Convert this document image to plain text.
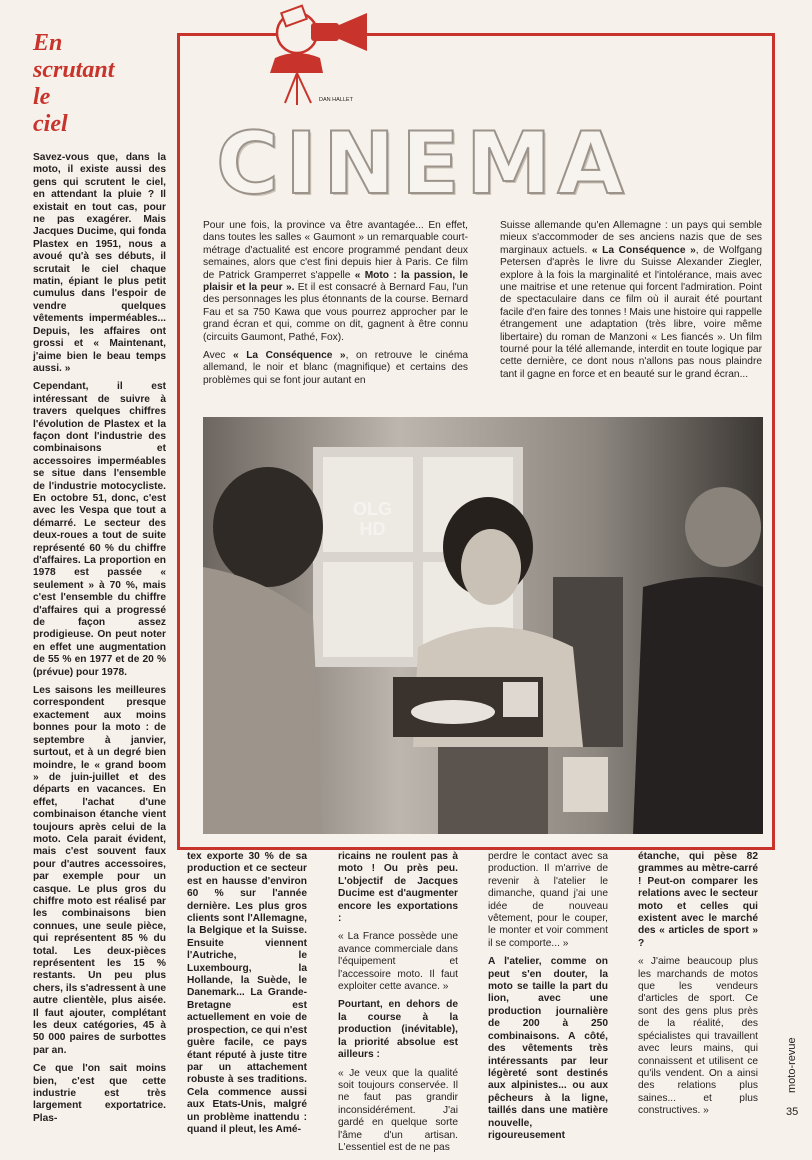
En
scrutant
le
ciel

Savez-vous que, dans la moto, il existe aussi des gens qui scrutent le ciel, en attendant la pluie ? Il existait en tout cas, pour ne pas exagérer. Mais Jacques Ducime, qui fonda Plastex en 1951, nous a avoué qu'à ses débuts, il scrutait le ciel chaque matin, épiant le plus petit cumulus dans l'espoir de vendre quelques vêtements imperméables... Depuis, les affaires ont grossi et « Maintenant, j'aime bien le beau temps aussi. »

Cependant, il est intéressant de suivre à travers quelques chiffres l'évolution de Plastex et la façon dont l'industrie des combinaisons et accessoires imperméables se situe dans l'ensemble de l'industrie motocycliste. En octobre 51, donc, c'est avec les Vespa que tout a démarré. Le secteur des deux-roues a tout de suite représenté 60 % du chiffre d'affaires. La proportion en 1978 est passée « seulement » à 70 %, mais c'est l'ensemble du chiffre d'affaires qui a progressé de façon assez prodigieuse. On peut noter en effet une augmentation de 55 % en 1977 et de 20 % (prévue) pour 1978.

Les saisons les meilleures correspondent presque exactement aux moins bonnes pour la moto : de septembre à janvier, surtout, et à un degré bien moindre, le « grand boom » de juin-juillet et des départs en vacances. En effet, l'achat d'une combinaison étanche vient toujours après celui de la moto. Cela parait évident, mais c'est souvent faux pour d'autres accessoires, par exemple pour un casque. Le plus gros du chiffre moto est réalisé par les combinaisons bien connues, une seule pièce, qui représentent 85 % du total. Les deux-pièces représentent les 15 % restants. Un peu plus chers, ils s'adressent à une autre clientèle, plus aisée. Il faut ajouter, complétant les deux catégories, 45 à 50 000 paires de surbottes par an.

Ce que l'on sait moins bien, c'est que cette industrie est très largement exportatrice. Plas-

DAN HALLET
CINEMA

Pour une fois, la province va être avantagée... En effet, dans toutes les salles « Gaumont » un remarquable court-métrage d'actualité est encore programmé pendant deux semaines, alors que c'est fini depuis hier à Paris. Ce film de Patrick Gramperret s'appelle « Moto : la passion, le plaisir et la peur ». Et il est consacré à Bernard Fau, l'un des personnages les plus étonnants de la course. Bernard Fau et sa 750 Kawa que vous pourrez approcher par le grand écran et qui, comme on dit, gagnent à être connu (circuits Gaumont, Pathé, Fox).

Avec « La Conséquence », on retrouve le cinéma allemand, le noir et blanc (magnifique) et certains des problèmes qui se font jour autant en

Suisse allemande qu'en Allemagne : un pays qui semble mieux s'accommoder de ses anciens nazis que de ses marginaux actuels. « La Conséquence », de Wolfgang Petersen d'après le livre du Suisse Alexander Ziegler, explore à la fois la marginalité et l'intolérance, mais avec une maitrise et une retenue qui forcent l'admiration. Point de spectaculaire dans ce film où il aurait été pourtant facile d'en faire des tonnes ! Mais une histoire qui rappelle étrangement une adaptation (très libre, voire même libertaire) du roman de Manzoni « Les fiancés ». Un film tourné pour la télé allemande, interdit en toute logique par cette dernière, ce dont nous n'allons pas nous plaindre tant il gagne en force et en beauté sur le grand écran...

OLG
HD

tex exporte 30 % de sa production et ce secteur est en hausse d'environ 60 % sur l'année dernière. Les plus gros clients sont l'Allemagne, la Belgique et la Suisse. Ensuite viennent l'Autriche, le Luxembourg, la Hollande, la Suède, le Danemark... La Grande-Bretagne est actuellement en voie de prospection, ce qui n'est guère facile, ce pays étant réputé à juste titre par un attachement robuste à ses traditions. Cela commence aussi aux Etats-Unis, malgré un problème inattendu : quand il pleut, les Amé-

ricains ne roulent pas à moto ! Ou près peu. L'objectif de Jacques Ducime est d'augmenter encore les exportations :

« La France possède une avance commerciale dans l'équipement et l'accessoire moto. Il faut exploiter cette avance. »

Pourtant, en dehors de la course à la production (inévitable), la priorité absolue est ailleurs :

« Je veux que la qualité soit toujours conservée. Il ne faut pas grandir inconsidérément. J'ai gardé en quelque sorte l'âme d'un artisan. L'essentiel est de ne pas

perdre le contact avec sa production. Il m'arrive de revenir à l'atelier le dimanche, quand j'ai une idée de nouveau vêtement, pour le couper, le monter et voir comment il se comporte... »

A l'atelier, comme on peut s'en douter, la moto se taille la part du lion, avec une production journalière de 200 à 250 combinaisons. A côté, des vêtements très intéressants par leur légèreté sont destinés aux alpinistes... ou aux pêcheurs à la ligne, taillés dans une matière nouvelle, rigoureusement

étanche, qui pèse 82 grammes au mètre-carré ! Peut-on comparer les relations avec le secteur moto et celles qui existent avec le marché des « articles de sport » ?

« J'aime beaucoup plus les marchands de motos que les vendeurs d'articles de sport. Ce sont des gens plus près de la réalité, des spécialistes qui travaillent avec leurs mains, qui connaissent et utilisent ce qu'ils vendent. On a ainsi des relations plus saines... et plus constructives. »

moto-revue
35
